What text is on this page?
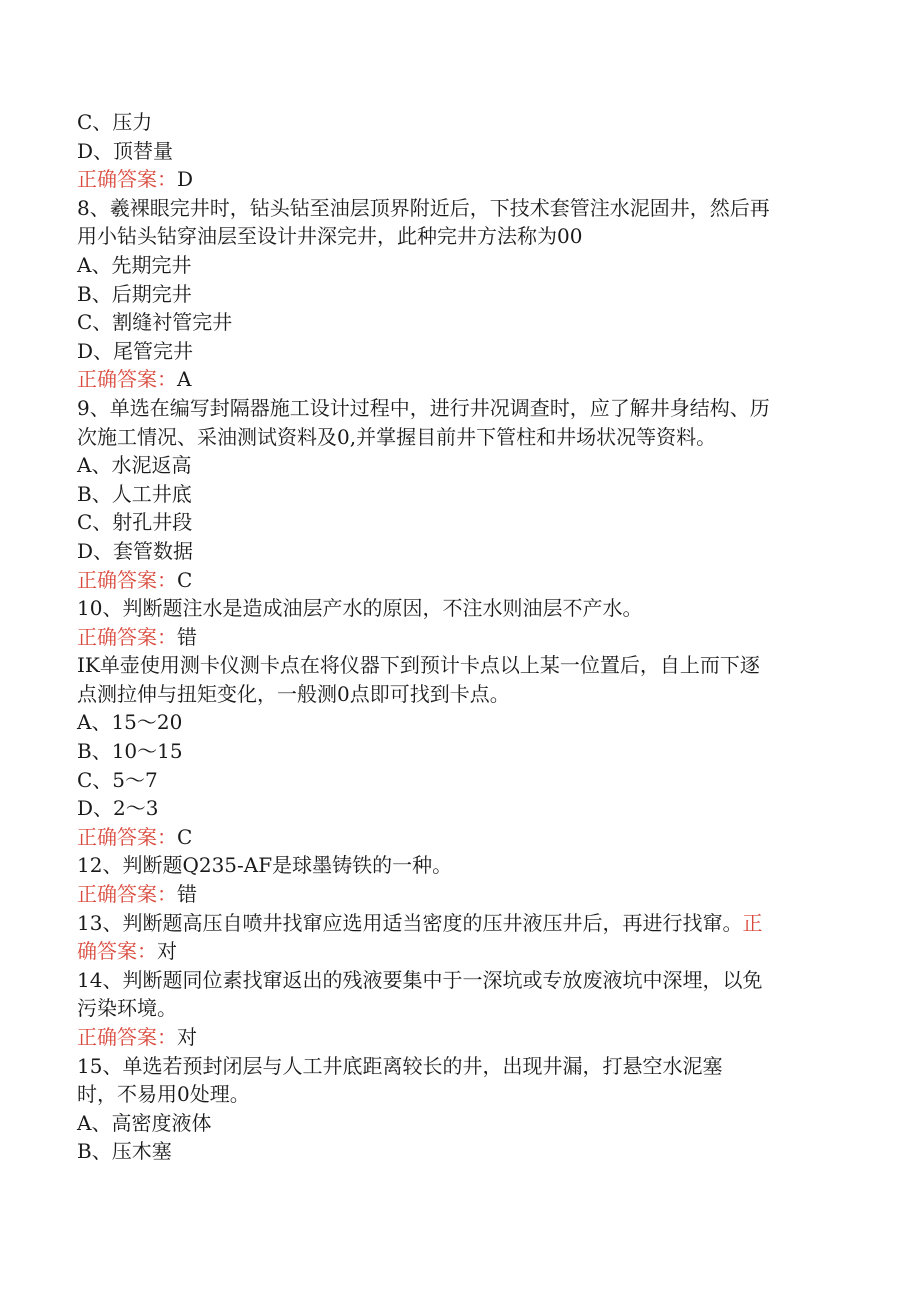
C、压力
D、顶替量
正确答案：D
8、羲裸眼完井时，钻头钻至油层顶界附近后，下技术套管注水泥固井，然后再
用小钻头钻穿油层至设计井深完井，此种完井方法称为00
A、先期完井
B、后期完井
C、割缝衬管完井
D、尾管完井
正确答案：A
9、单选在编写封隔器施工设计过程中，进行井况调查时，应了解井身结构、历
次施工情况、采油测试资料及0,并掌握目前井下管柱和井场状况等资料。
A、水泥返高
B、人工井底
C、射孔井段
D、套管数据
正确答案：C
10、判断题注水是造成油层产水的原因，不注水则油层不产水。
正确答案：错
IK单壶使用测卡仪测卡点在将仪器下到预计卡点以上某一位置后，自上而下逐
点测拉伸与扭矩变化，一般测0点即可找到卡点。
A、15～20
B、10～15
C、5～7
D、2～3
正确答案：C
12、判断题Q235-AF是球墨铸铁的一种。
正确答案：错
13、判断题高压自喷井找窜应选用适当密度的压井液压井后，再进行找窜。正
确答案：对
14、判断题同位素找窜返出的残液要集中于一深坑或专放废液坑中深埋，以免
污染环境。
正确答案：对
15、单选若预封闭层与人工井底距离较长的井，出现井漏，打悬空水泥塞
时，不易用0处理。
A、高密度液体
B、压木塞
